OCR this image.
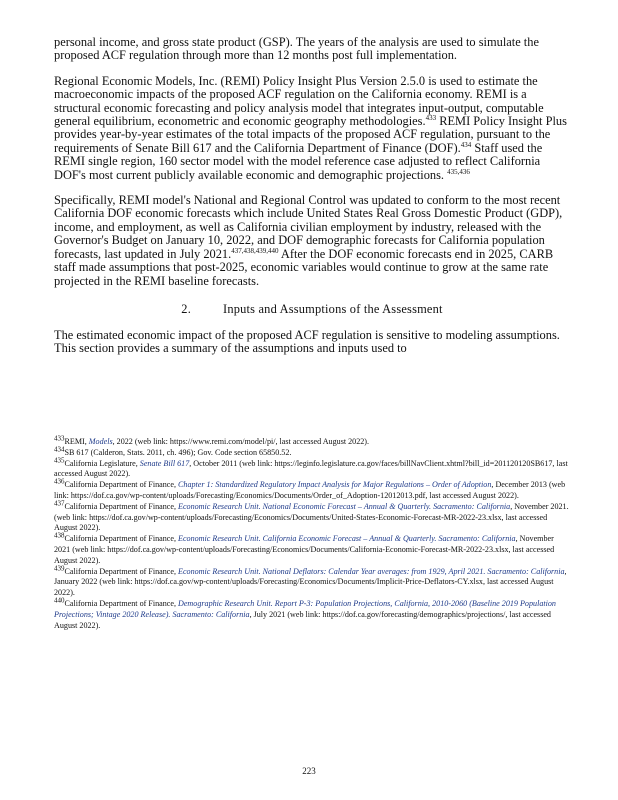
personal income, and gross state product (GSP). The years of the analysis are used to simulate the proposed ACF regulation through more than 12 months post full implementation.

Regional Economic Models, Inc. (REMI) Policy Insight Plus Version 2.5.0 is used to estimate the macroeconomic impacts of the proposed ACF regulation on the California economy. REMI is a structural economic forecasting and policy analysis model that integrates input-output, computable general equilibrium, econometric and economic geography methodologies.$^{433}$ REMI Policy Insight Plus provides year-by-year estimates of the total impacts of the proposed ACF regulation, pursuant to the requirements of Senate Bill 617 and the California Department of Finance (DOF).$^{434}$ Staff used the REMI single region, 160 sector model with the model reference case adjusted to reflect California DOF's most current publicly available economic and demographic projections. $^{435,436}$

Specifically, REMI model's National and Regional Control was updated to conform to the most recent California DOF economic forecasts which include United States Real Gross Domestic Product (GDP), income, and employment, as well as California civilian employment by industry, released with the Governor's Budget on January 10, 2022, and DOF demographic forecasts for California population forecasts, last updated in July 2021.$^{437,438,439,440}$ After the DOF economic forecasts end in 2025, CARB staff made assumptions that post-2025, economic variables would continue to grow at the same rate projected in the REMI baseline forecasts.

2.	Inputs and Assumptions of the Assessment

The estimated economic impact of the proposed ACF regulation is sensitive to modeling assumptions. This section provides a summary of the assumptions and inputs used to

$^{433}$REMI, Models, 2022 (web link: https://www.remi.com/model/pi/, last accessed August 2022).

$^{434}$SB 617 (Calderon, Stats. 2011, ch. 496); Gov. Code section 65850.52.

$^{435}$California Legislature, Senate Bill 617, October 2011 (web link: https://leginfo.legislature.ca.gov/faces/billNavClient.xhtml?bill_id=201120120SB617, last accessed August 2022).

$^{436}$California Department of Finance, Chapter 1: Standardized Regulatory Impact Analysis for Major Regulations – Order of Adoption, December 2013 (web link: https://dof.ca.gov/wp-content/uploads/Forecasting/Economics/Documents/Order_of_Adoption-12012013.pdf, last accessed August 2022).

$^{437}$California Department of Finance, Economic Research Unit. National Economic Forecast – Annual & Quarterly. Sacramento: California, November 2021. (web link: https://dof.ca.gov/wp-content/uploads/Forecasting/Economics/Documents/United-States-Economic-Forecast-MR-2022-23.xlsx, last accessed August 2022).

$^{438}$California Department of Finance, Economic Research Unit. California Economic Forecast – Annual & Quarterly. Sacramento: California, November 2021 (web link: https://dof.ca.gov/wp-content/uploads/Forecasting/Economics/Documents/California-Economic-Forecast-MR-2022-23.xlsx, last accessed August 2022).

$^{439}$California Department of Finance, Economic Research Unit. National Deflators: Calendar Year averages: from 1929, April 2021. Sacramento: California, January 2022 (web link: https://dof.ca.gov/wp-content/uploads/Forecasting/Economics/Documents/Implicit-Price-Deflators-CY.xlsx, last accessed August 2022).

$^{440}$California Department of Finance, Demographic Research Unit. Report P-3: Population Projections, California, 2010-2060 (Baseline 2019 Population Projections; Vintage 2020 Release). Sacramento: California, July 2021 (web link: https://dof.ca.gov/forecasting/demographics/projections/, last accessed August 2022).

223
